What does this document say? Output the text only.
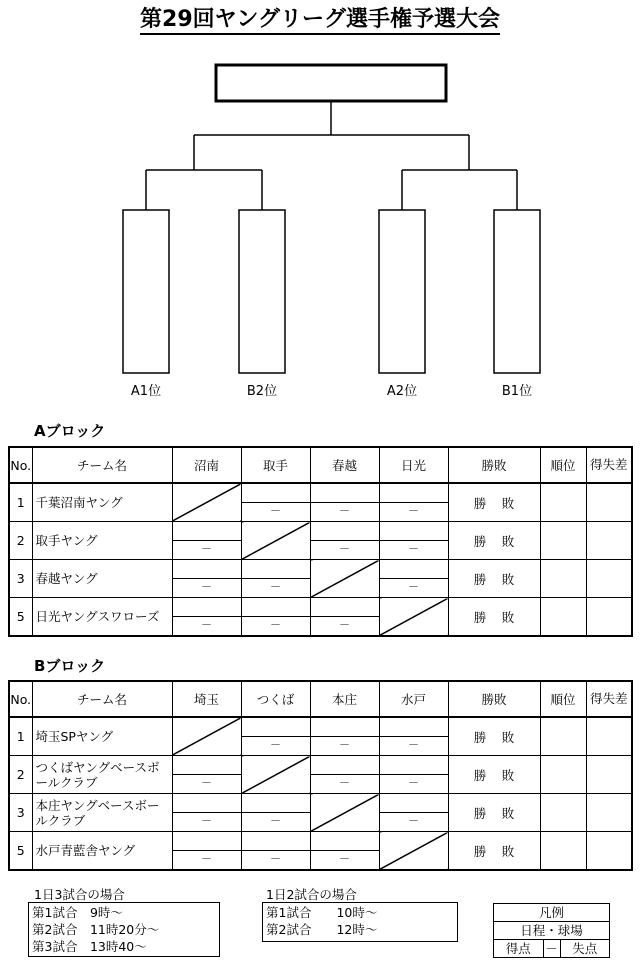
第29回ヤングリーグ選手権予選大会
A1位	B2位	A2位	B1位
Aブロック
No.	チーム名	沼南	取手	春越	日光	勝敗	順位	得失差
1	千葉沼南ヤング		－	－	－	勝 敗		
2	取手ヤング	－		－	－	勝 敗		
3	春越ヤング	－	－		－	勝 敗		
5	日光ヤングスワローズ	－	－	－		勝 敗		
Bブロック
No.	チーム名	埼玉	つくば	本庄	水戸	勝敗	順位	得失差
1	埼玉SPヤング		－	－	－	勝 敗		
2	つくばヤングベースボールクラブ	－		－	－	勝 敗		
3	本庄ヤングベースボールクラブ	－	－		－	勝 敗		
5	水戸青藍舎ヤング	－	－	－		勝 敗		
1日3試合の場合
第1試合　9時～
第2試合　11時20分～
第3試合　13時40～
1日2試合の場合
第1試合　　10時～
第2試合　　12時～
凡例
日程・球場
得点	－	失点
